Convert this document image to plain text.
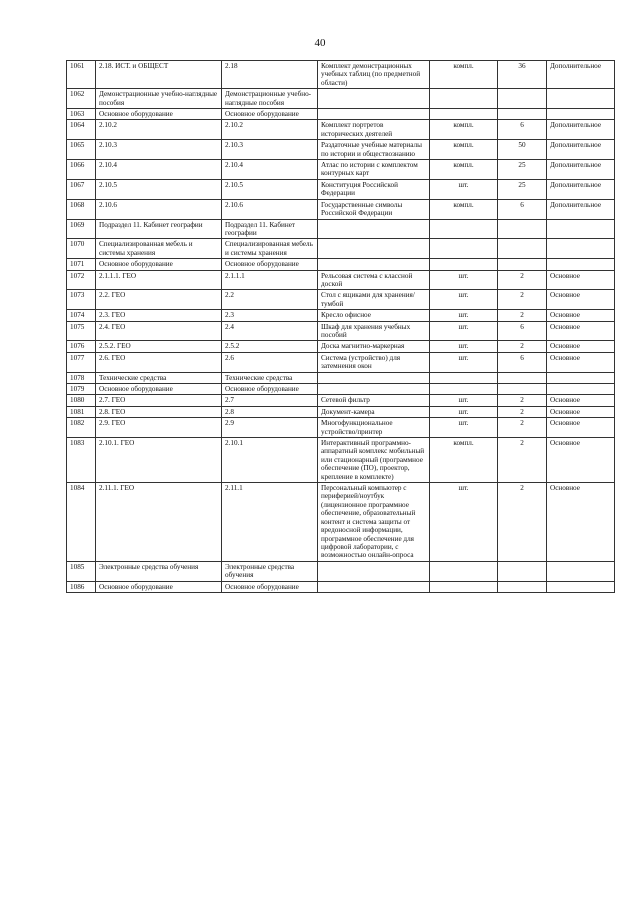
40
1061	2.18. ИСТ. и ОБЩЕСТ	2.18	Комплект демонстрационных учебных таблиц (по предметной области)	компл.	36	Дополнительное
1062	Демонстрационные учебно-наглядные пособия	Демонстрационные учебно-наглядные пособия				
1063	Основное оборудование	Основное оборудование				
1064	2.10.2	2.10.2	Комплект портретов исторических деятелей	компл.	6	Дополнительное
1065	2.10.3	2.10.3	Раздаточные учебные материалы по истории и обществознанию	компл.	50	Дополнительное
1066	2.10.4	2.10.4	Атлас по истории с комплектом контурных карт	компл.	25	Дополнительное
1067	2.10.5	2.10.5	Конституция Российской Федерации	шт.	25	Дополнительное
1068	2.10.6	2.10.6	Государственные символы Российской Федерации	компл.	6	Дополнительное
1069	Подраздел 11. Кабинет географии	Подраздел 11. Кабинет географии				
1070	Специализированная мебель и системы хранения	Специализированная мебель и системы хранения				
1071	Основное оборудование	Основное оборудование				
1072	2.1.1.1. ГЕО	2.1.1.1	Рельсовая система с классной доской	шт.	2	Основное
1073	2.2. ГЕО	2.2	Стол с ящиками для хранения/тумбой	шт.	2	Основное
1074	2.3. ГЕО	2.3	Кресло офисное	шт.	2	Основное
1075	2.4. ГЕО	2.4	Шкаф для хранения учебных пособий	шт.	6	Основное
1076	2.5.2. ГЕО	2.5.2	Доска магнитно-маркерная	шт.	2	Основное
1077	2.6. ГЕО	2.6	Система (устройство) для затемнения окон	шт.	6	Основное
1078	Технические средства	Технические средства				
1079	Основное оборудование	Основное оборудование				
1080	2.7. ГЕО	2.7	Сетевой фильтр	шт.	2	Основное
1081	2.8. ГЕО	2.8	Документ-камера	шт.	2	Основное
1082	2.9. ГЕО	2.9	Многофункциональное устройство/принтер	шт.	2	Основное
1083	2.10.1. ГЕО	2.10.1	Интерактивный программно-аппаратный комплекс мобильный или стационарный (программное обеспечение (ПО), проектор, крепление в комплекте)	компл.	2	Основное
1084	2.11.1. ГЕО	2.11.1	Персональный компьютер с периферией/ноутбук (лицензионное программное обеспечение, образовательный контент и система защиты от вредоносной информации, программное обеспечение для цифровой лаборатории, с возможностью онлайн-опроса	шт.	2	Основное
1085	Электронные средства обучения	Электронные средства обучения				
1086	Основное оборудование	Основное оборудование				
